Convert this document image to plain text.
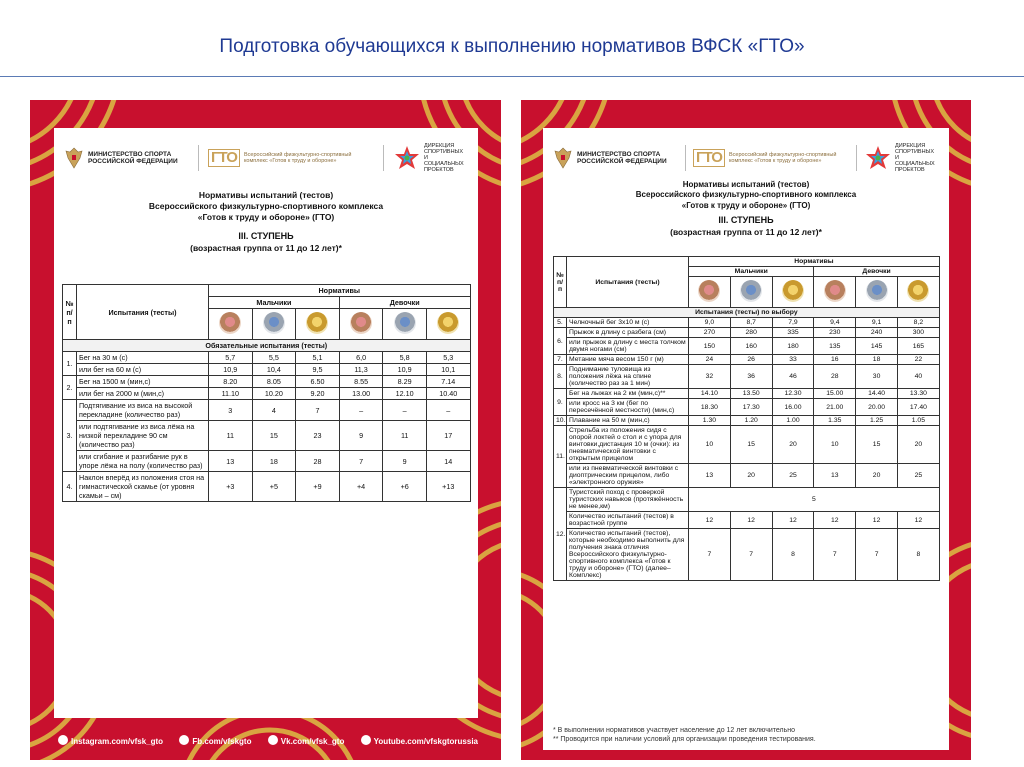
Подготовка обучающихся к выполнению нормативов ВФСК «ГТО»
МИНИСТЕРСТВО СПОРТА РОССИЙСКОЙ ФЕДЕРАЦИИ	ГТО	Всероссийский физкультурно-спортивный комплекс «Готов к труду и обороне»
ДИРЕКЦИЯ СПОРТИВНЫХ И СОЦИАЛЬНЫХ ПРОЕКТОВ
Нормативы испытаний (тестов)
Всероссийского физкультурно-спортивного комплекса
«Готов к труду и обороне» (ГТО)
III. СТУПЕНЬ
(возрастная группа от 11 до 12 лет)*
№ п/п	Испытания (тесты)	Нормативы					
		Мальчики			Девочки		

Обязательные испытания (тесты)							
1.	Бег на 30 м (с)	5,7	5,5	5,1	6,0	5,8	5,3
	или бег на 60 м (с)	10,9	10,4	9,5	11,3	10,9	10,1
2.	Бег на 1500 м (мин,с)	8.20	8.05	6.50	8.55	8.29	7.14
	или бег на 2000 м (мин,с)	11.10	10.20	9.20	13.00	12.10	10.40
3.	Подтягивание из виса на высокой перекладине (количество раз)	3	4	7	–	–	–
	или подтягивание из виса лёжа на низкой перекладине 90 см (количество раз)	11	15	23	9	11	17
	или сгибание и разгибание рук в упоре лёжа на полу (количество раз)	13	18	28	7	9	14
4.	Наклон вперёд из положения стоя на гимнастической скамье (от уровня скамьи – см)	+3	+5	+9	+4	+6	+13
Instagram.com/vfsk_gto	Fb.com/vfskgto	Vk.com/vfsk_gto	Youtube.com/vfskgtorussia
МИНИСТЕРСТВО СПОРТА РОССИЙСКОЙ ФЕДЕРАЦИИ	ГТО	Всероссийский физкультурно-спортивный комплекс «Готов к труду и обороне»
ДИРЕКЦИЯ СПОРТИВНЫХ И СОЦИАЛЬНЫХ ПРОЕКТОВ
Нормативы испытаний (тестов)
Всероссийского физкультурно-спортивного комплекса
«Готов к труду и обороне» (ГТО)
III. СТУПЕНЬ
(возрастная группа от 11 до 12 лет)*
№ п/п	Испытания (тесты)	Нормативы					
		Мальчики			Девочки		

Испытания (тесты) по выбору							
5.	Челночный бег 3х10 м (с)	9,0	8,7	7,9	9,4	9,1	8,2
6.	Прыжок в длину с разбега (см)	270	280	335	230	240	300
	или прыжок в длину с места толчком двумя ногами (см)	150	160	180	135	145	165
7.	Метание мяча весом 150 г (м)	24	26	33	16	18	22
8.	Поднимание туловища из положения лёжа на спине (количество раз за 1 мин)	32	36	46	28	30	40
9.	Бег на лыжах на 2 км (мин,с)**	14.10	13.50	12.30	15.00	14.40	13.30
	или кросс на 3 км (бег по пересечённой местности) (мин,с)	18.30	17.30	16.00	21.00	20.00	17.40
10.	Плавание на 50 м (мин,с)	1.30	1.20	1.00	1.35	1.25	1.05
11.	Стрельба из положения сидя с опорой локтей о стол и с упора для винтовки,дистанция 10 м (очки): из пневматической винтовки с открытым прицелом	10	15	20	10	15	20
	или из пневматической винтовки с диоптрическим прицелом, либо «электронного оружия»	13	20	25	13	20	25
12.	Туристский поход с проверкой туристских навыков (протяжённость не менее,км)	5					
	Количество испытаний (тестов) в возрастной группе	12	12	12	12	12	12
	Количество испытаний (тестов), которые необходимо выполнить для получения знака отличия Всероссийского физкультурно-спортивного комплекса «Готов к труду и обороне» (ГТО) (далее–Комплекс)	7	7	8	7	7	8
* В выполнении нормативов участвует население до 12 лет включительно
** Проводится при наличии условий для организации проведения тестирования.
